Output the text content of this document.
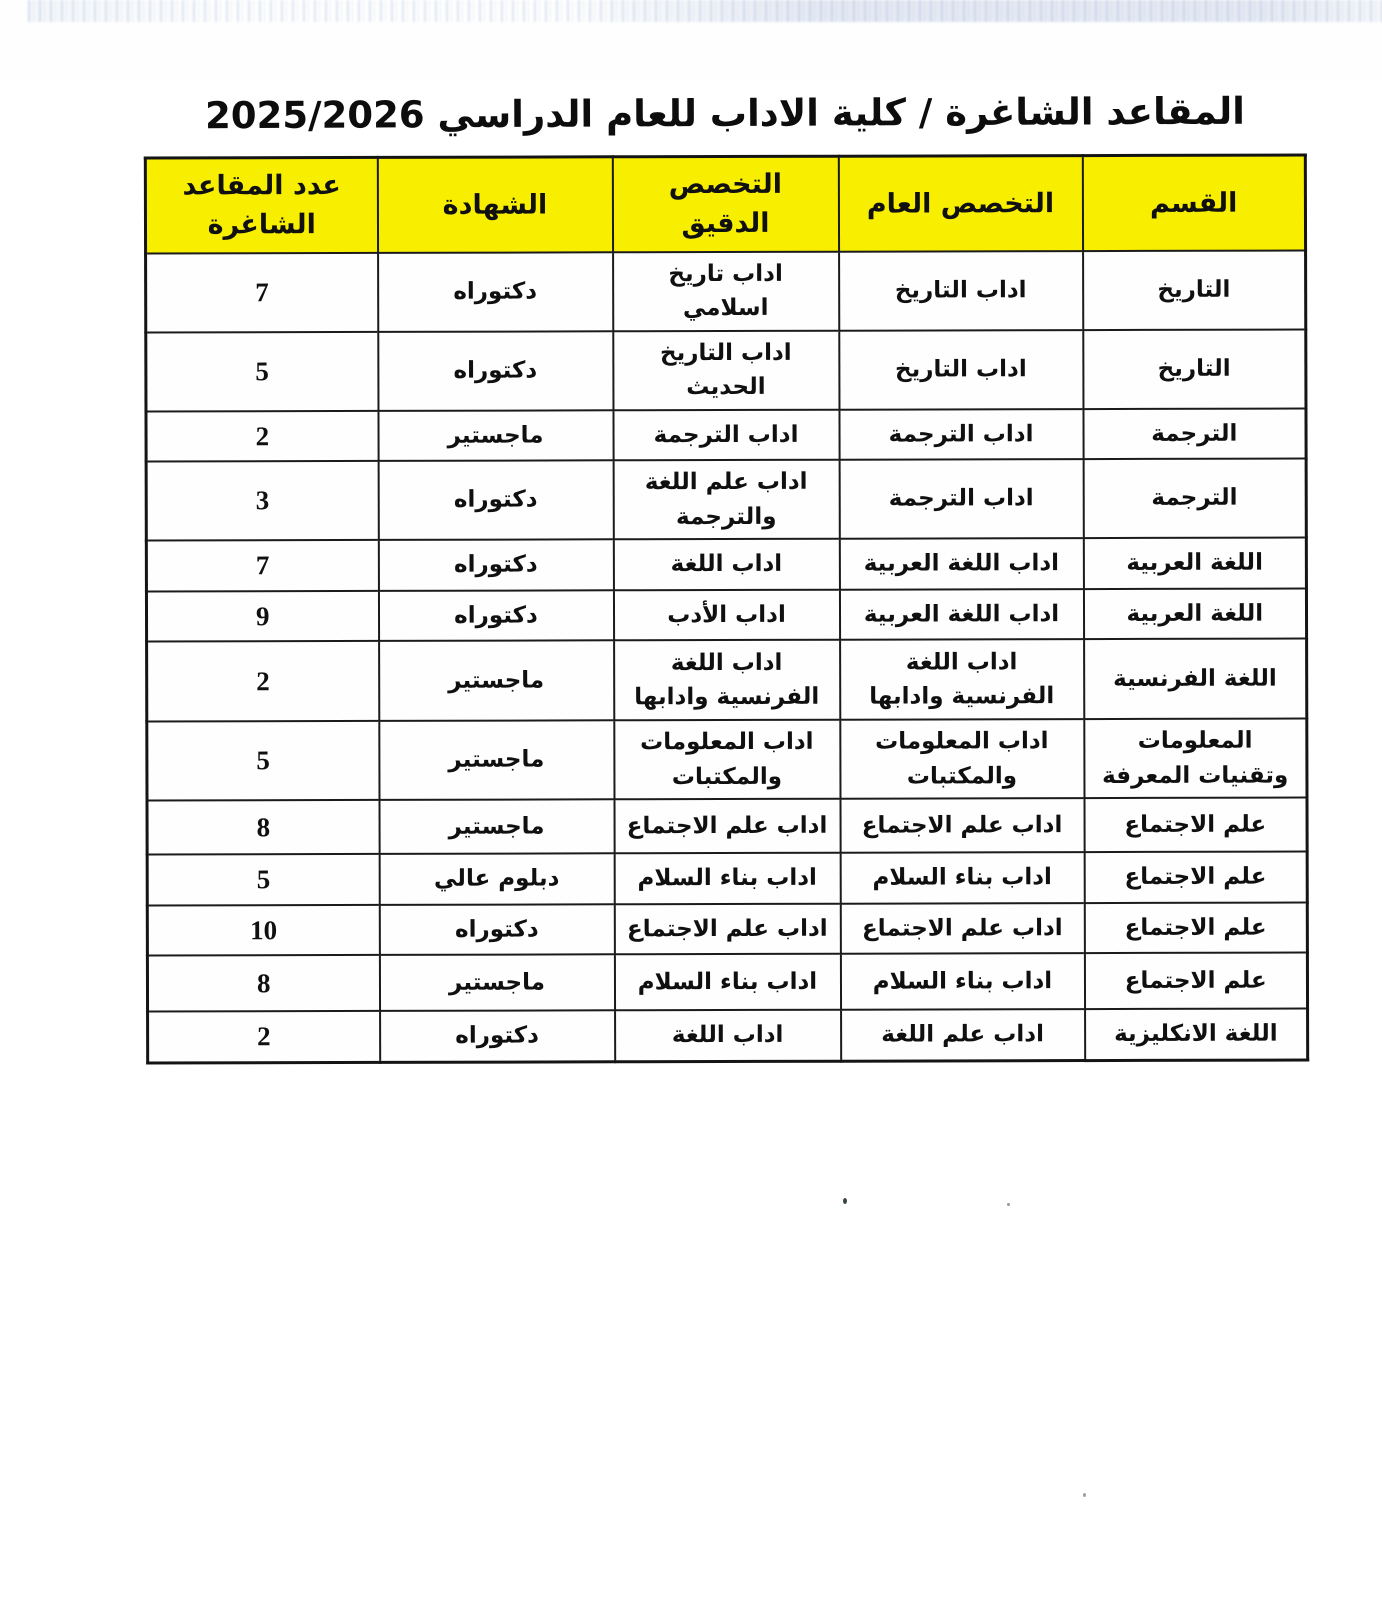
المقاعد الشاغرة / كلية الاداب للعام الدراسي 2025/2026
القسم	التخصص العام	التخصص الدقيق	الشهادة	عدد المقاعد الشاغرة
التاريخ	اداب التاريخ	اداب تاريخ اسلامي	دكتوراه	7
التاريخ	اداب التاريخ	اداب التاريخ الحديث	دكتوراه	5
الترجمة	اداب الترجمة	اداب الترجمة	ماجستير	2
الترجمة	اداب الترجمة	اداب علم اللغة والترجمة	دكتوراه	3
اللغة العربية	اداب اللغة العربية	اداب اللغة	دكتوراه	7
اللغة العربية	اداب اللغة العربية	اداب الأدب	دكتوراه	9
اللغة الفرنسية	اداب اللغة الفرنسية وادابها	اداب اللغة الفرنسية وادابها	ماجستير	2
المعلومات وتقنيات المعرفة	اداب المعلومات والمكتبات	اداب المعلومات والمكتبات	ماجستير	5
علم الاجتماع	اداب علم الاجتماع	اداب علم الاجتماع	ماجستير	8
علم الاجتماع	اداب بناء السلام	اداب بناء السلام	دبلوم عالي	5
علم الاجتماع	اداب علم الاجتماع	اداب علم الاجتماع	دكتوراه	10
علم الاجتماع	اداب بناء السلام	اداب بناء السلام	ماجستير	8
اللغة الانكليزية	اداب علم اللغة	اداب اللغة	دكتوراه	2
